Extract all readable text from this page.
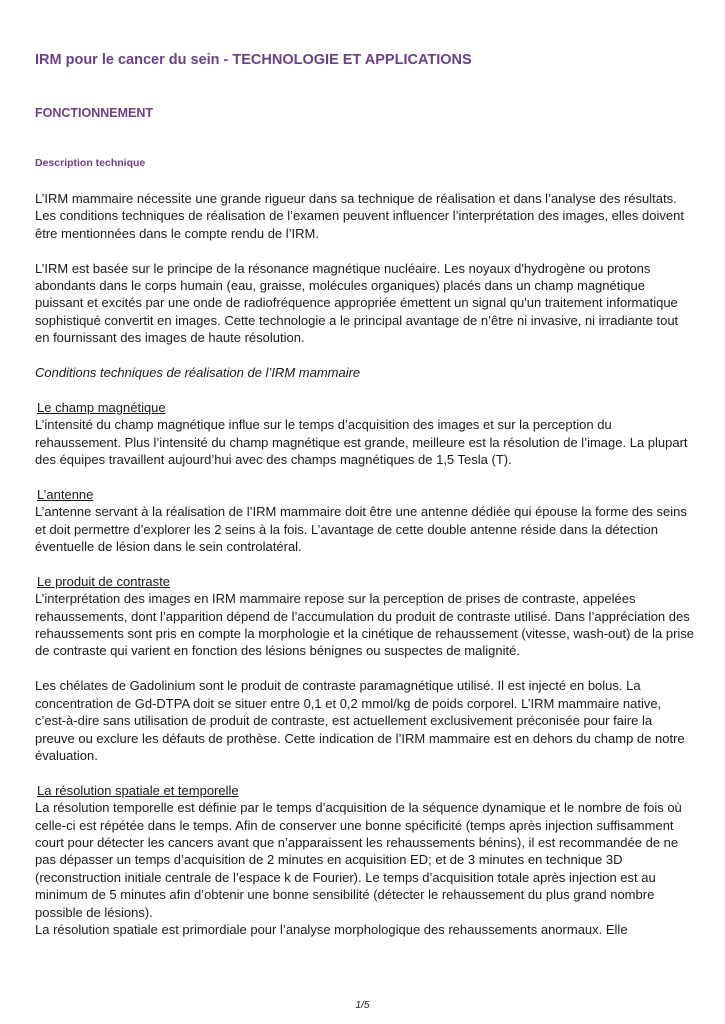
IRM pour le cancer du sein - TECHNOLOGIE ET APPLICATIONS
FONCTIONNEMENT
Description technique

L’IRM mammaire nécessite une grande rigueur dans sa technique de réalisation et dans l’analyse des résultats. Les conditions techniques de réalisation de l’examen peuvent influencer l’interprétation des images, elles doivent être mentionnées dans le compte rendu de l’IRM.

L’IRM est basée sur le principe de la résonance magnétique nucléaire. Les noyaux d'hydrogène ou protons abondants dans le corps humain (eau, graisse, molécules organiques) placés dans un champ magnétique puissant et excités par une onde de radiofréquence appropriée émettent un signal qu'un traitement informatique sophistiqué convertit en images. Cette technologie a le principal avantage de n’être ni invasive, ni irradiante tout en fournissant des images de haute résolution.

Conditions techniques de réalisation de l’IRM mammaire

Le champ magnétique

L’intensité du champ magnétique influe sur le temps d’acquisition des images et sur la perception du rehaussement. Plus l’intensité du champ magnétique est grande, meilleure est la résolution de l’image. La plupart des équipes travaillent aujourd’hui avec des champs magnétiques de 1,5 Tesla (T).

L’antenne

L’antenne servant à la réalisation de l’IRM mammaire doit être une antenne dédiée qui épouse la forme des seins et doit permettre d’explorer les 2 seins à la fois. L’avantage de cette double antenne réside dans la détection éventuelle de lésion dans le sein controlatéral.

Le produit de contraste

L’interprétation des images en IRM mammaire repose sur la perception de prises de contraste, appelées rehaussements, dont l’apparition dépend de l’accumulation du produit de contraste utilisé. Dans l’appréciation des rehaussements sont pris en compte la morphologie et la cinétique de rehaussement (vitesse, wash-out) de la prise de contraste qui varient en fonction des lésions bénignes ou suspectes de malignité.

Les chélates de Gadolinium sont le produit de contraste paramagnétique utilisé. Il est injecté en bolus. La concentration de Gd-DTPA doit se situer entre 0,1 et 0,2 mmol/kg de poids corporel. L’IRM mammaire native, c’est-à-dire sans utilisation de produit de contraste, est actuellement exclusivement préconisée pour faire la preuve ou exclure les défauts de prothèse. Cette indication de l’IRM mammaire est en dehors du champ de notre évaluation.

La résolution spatiale et temporelle

La résolution temporelle est définie par le temps d’acquisition de la séquence dynamique et le nombre de fois où celle-ci est répétée dans le temps. Afin de conserver une bonne spécificité (temps après injection suffisamment court pour détecter les cancers avant que n’apparaissent les rehaussements bénins), il est recommandée de ne pas dépasser un temps d’acquisition de 2 minutes en acquisition ED; et de 3 minutes en technique 3D (reconstruction initiale centrale de l’espace k de Fourier). Le temps d’acquisition totale après injection est au minimum de 5 minutes afin d’obtenir une bonne sensibilité (détecter le rehaussement du plus grand nombre possible de lésions).

La résolution spatiale est primordiale pour l’analyse morphologique des rehaussements anormaux. Elle

1/5
